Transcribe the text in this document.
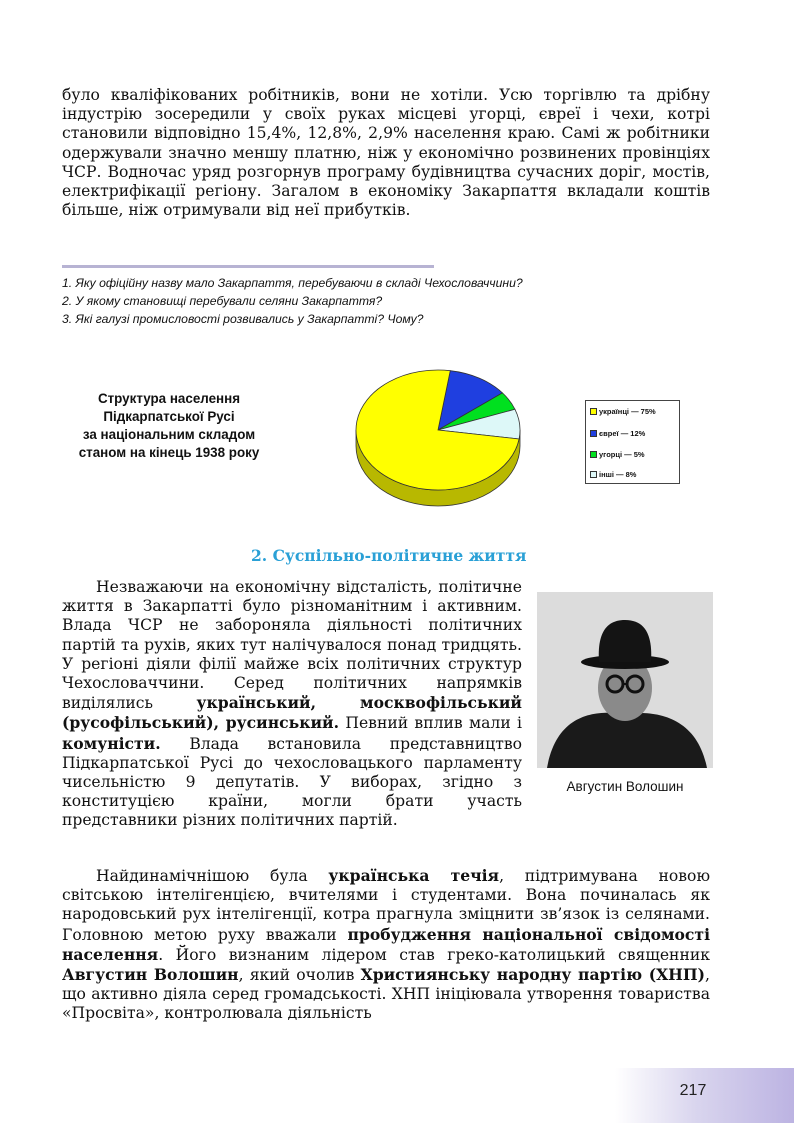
було кваліфікованих робітників, вони не хотіли. Усю торгівлю та дрібну індустрію зосередили у своїх руках місцеві угорці, євреї і чехи, котрі становили відповідно 15,4%, 12,8%, 2,9% населення краю. Самі ж робітники одержували значно меншу платню, ніж у економічно розвинених провінціях ЧСР. Водночас уряд розгорнув програму будівництва сучасних доріг, мостів, електрифікації регіону. Загалом в економіку Закарпаття вкладали коштів більше, ніж отримували від неї прибутків.

1. Яку офіційну назву мало Закарпаття, перебуваючи в складі Чехословаччини?
2. У якому становищі перебували селяни Закарпаття?
3. Які галузі промисловості розвивались у Закарпатті? Чому?
Структура населення
Підкарпатської Русі
за національним складом
станом на кінець 1938 року
українці — 75%
євреї — 12%
угорці — 5%
інші — 8%
2. Суспільно-політичне життя

Незважаючи на економічну відсталість, політичне життя в Закарпатті було різноманітним і активним. Влада ЧСР не забороняла діяльності політичних партій та рухів, яких тут налічувалося понад тридцять. У регіоні діяли філії майже всіх політичних структур Чехословаччини. Серед політичних напрямків виділялись український, москвофільський (русофільський), русинський. Певний вплив мали і комуністи. Влада встановила представництво Підкарпатської Русі до чехословацького парламенту чисельністю 9 депутатів. У виборах, згідно з конституцією країни, могли брати участь представники різних політичних партій.

Августин Волошин

Найдинамічнішою була українська течія, підтримувана новою світською інтелігенцією, вчителями і студентами. Вона починалась як народовський рух інтелігенції, котра прагнула зміцнити зв’язок із селянами. Головною метою руху вважали пробудження національної свідомості населення. Його визнаним лідером став греко-католицький священник Августин Волошин, який очолив Християнську народну партію (ХНП), що активно діяла серед громадськості. ХНП ініціювала утворення товариства «Просвіта», контролювала діяльність

217
